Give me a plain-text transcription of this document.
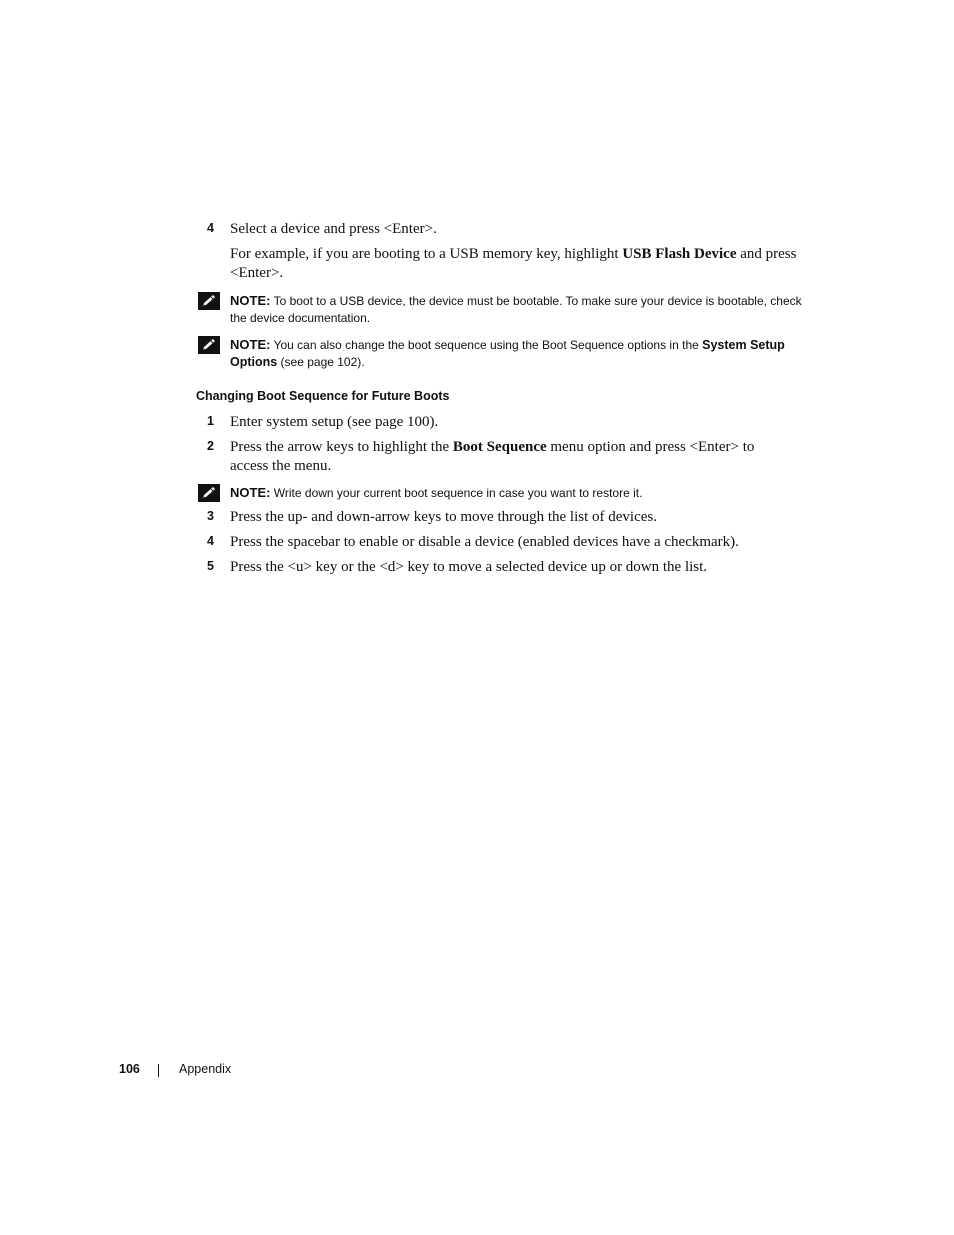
4 Select a device and press <Enter>.
For example, if you are booting to a USB memory key, highlight USB Flash Device and press <Enter>.
NOTE: To boot to a USB device, the device must be bootable. To make sure your device is bootable, check the device documentation.
NOTE: You can also change the boot sequence using the Boot Sequence options in the System Setup Options (see page 102).
Changing Boot Sequence for Future Boots
1 Enter system setup (see page 100).
2 Press the arrow keys to highlight the Boot Sequence menu option and press <Enter> to access the menu.
NOTE: Write down your current boot sequence in case you want to restore it.
3 Press the up- and down-arrow keys to move through the list of devices.
4 Press the spacebar to enable or disable a device (enabled devices have a checkmark).
5 Press the <u> key or the <d> key to move a selected device up or down the list.
106	Appendix
